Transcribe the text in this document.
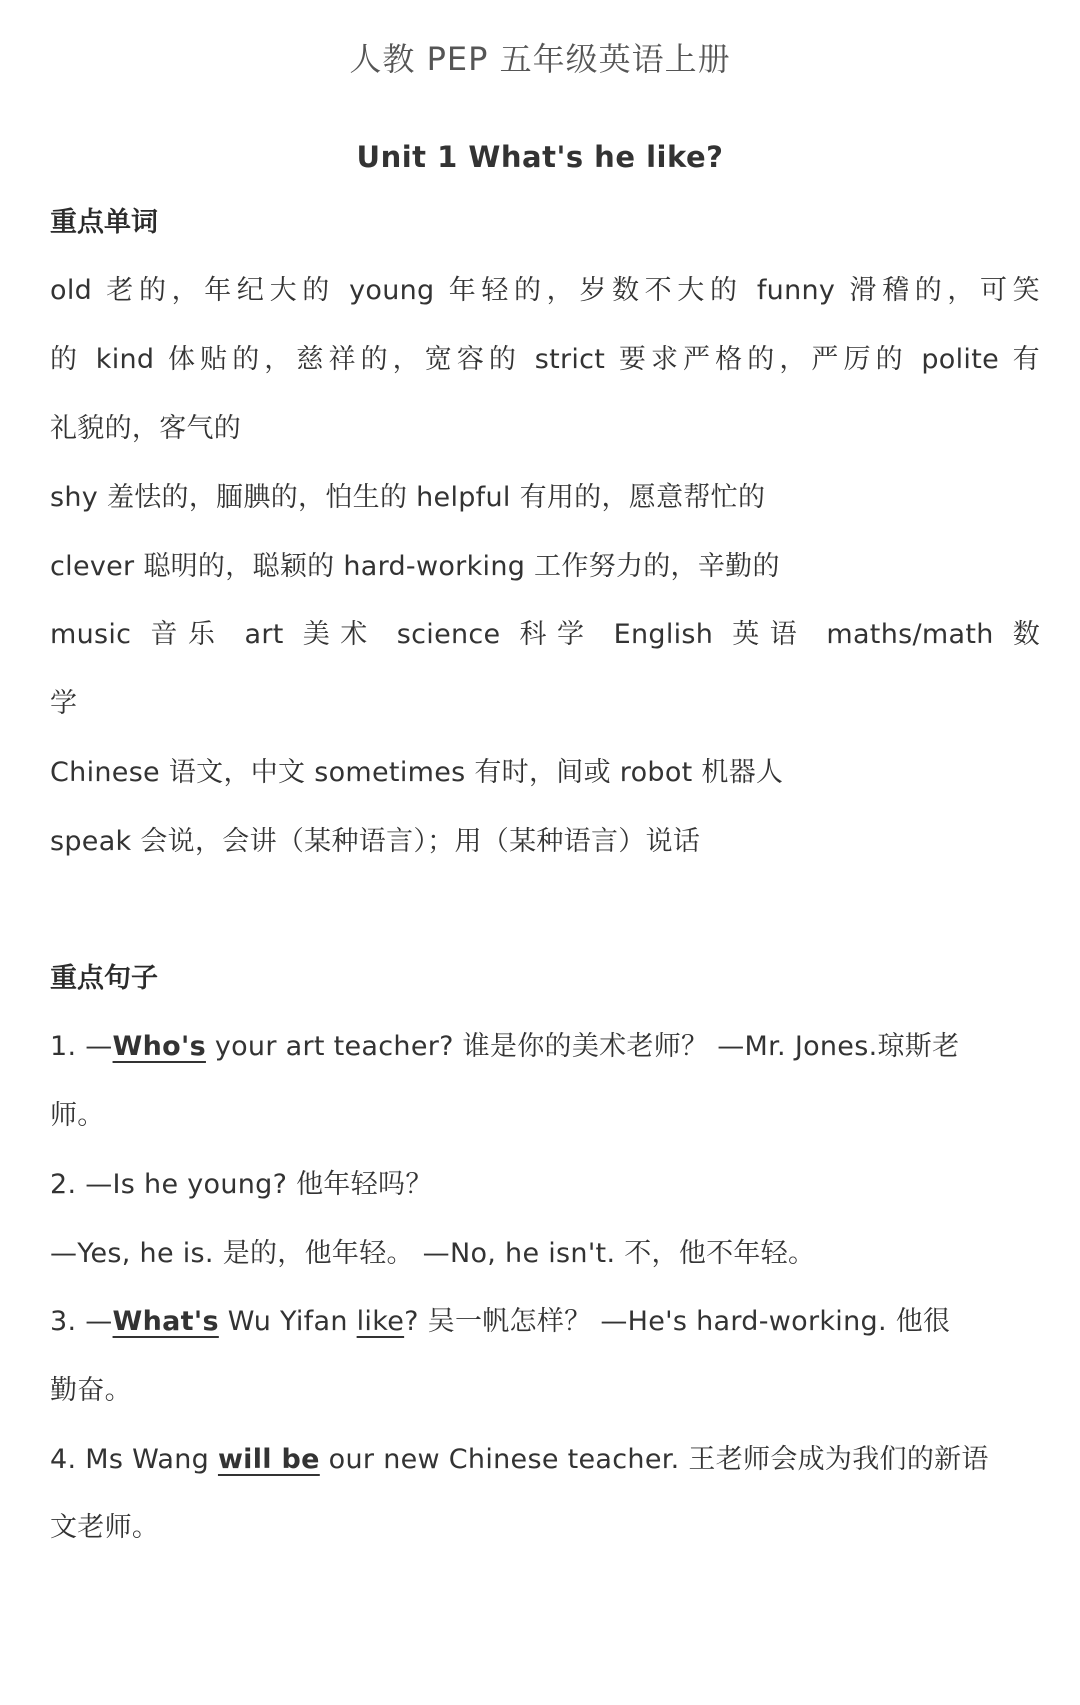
人教 PEP 五年级英语上册
Unit 1 What's he like?
重点单词
old 老的，年纪大的 young 年轻的，岁数不大的 funny 滑稽的，可笑
的 kind 体贴的，慈祥的，宽容的 strict 要求严格的，严厉的 polite 有
礼貌的，客气的
shy 羞怯的，腼腆的，怕生的 helpful 有用的，愿意帮忙的
clever 聪明的，聪颖的 hard-working 工作努力的，辛勤的
music 音乐 art 美术 science 科学 English 英语 maths/math 数
学
Chinese 语文，中文 sometimes 有时，间或 robot 机器人
speak 会说，会讲（某种语言）；用（某种语言）说话
重点句子
1. —Who's your art teacher? 谁是你的美术老师？ —Mr. Jones.琼斯老
师。
2. —Is he young? 他年轻吗？
—Yes, he is. 是的，他年轻。 —No, he isn't. 不，他不年轻。
3. —What's Wu Yifan like? 吴一帆怎样？ —He's hard-working. 他很
勤奋。
4. Ms Wang will be our new Chinese teacher. 王老师会成为我们的新语
文老师。
